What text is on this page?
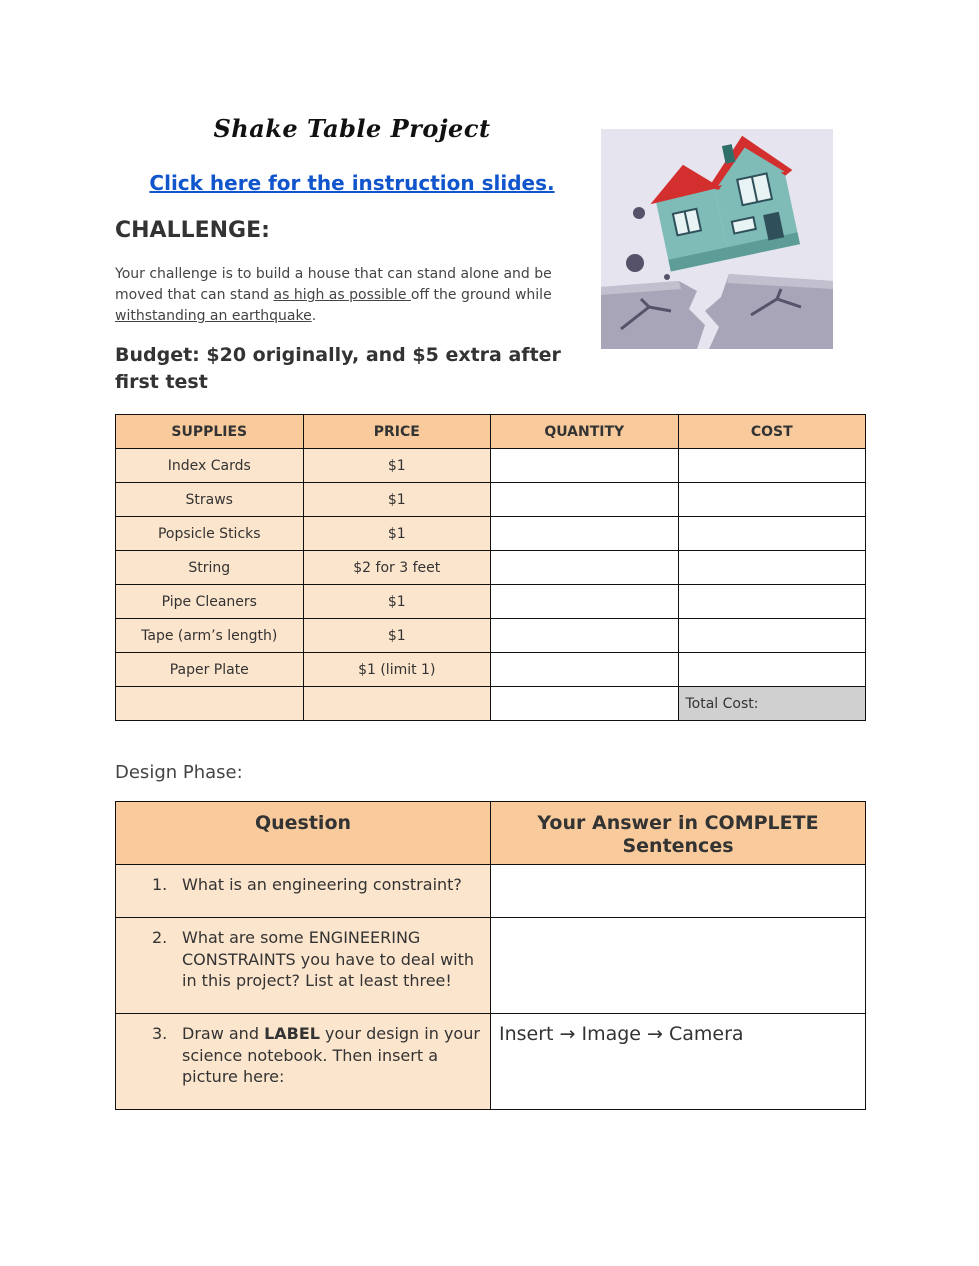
Shake Table Project
Click here for the instruction slides.
CHALLENGE:
Your challenge is to build a house that can stand alone and be moved that can stand as high as possible off the ground while withstanding an earthquake.
Budget: $20 originally, and $5 extra after first test
SUPPLIES	PRICE	QUANTITY	COST
Index Cards	$1		
Straws	$1		
Popsicle Sticks	$1		
String	$2 for 3 feet		
Pipe Cleaners	$1		
Tape (arm’s length)	$1		
Paper Plate	$1 (limit 1)		
			Total Cost:
Design Phase:
Question	Your Answer in COMPLETE Sentences

1. What is an engineering constraint?	

2. What are some ENGINEERING CONSTRAINTS you have to deal with in this project? List at least three!	

3. Draw and LABEL your design in your science notebook. Then insert a picture here:	Insert → Image → Camera
